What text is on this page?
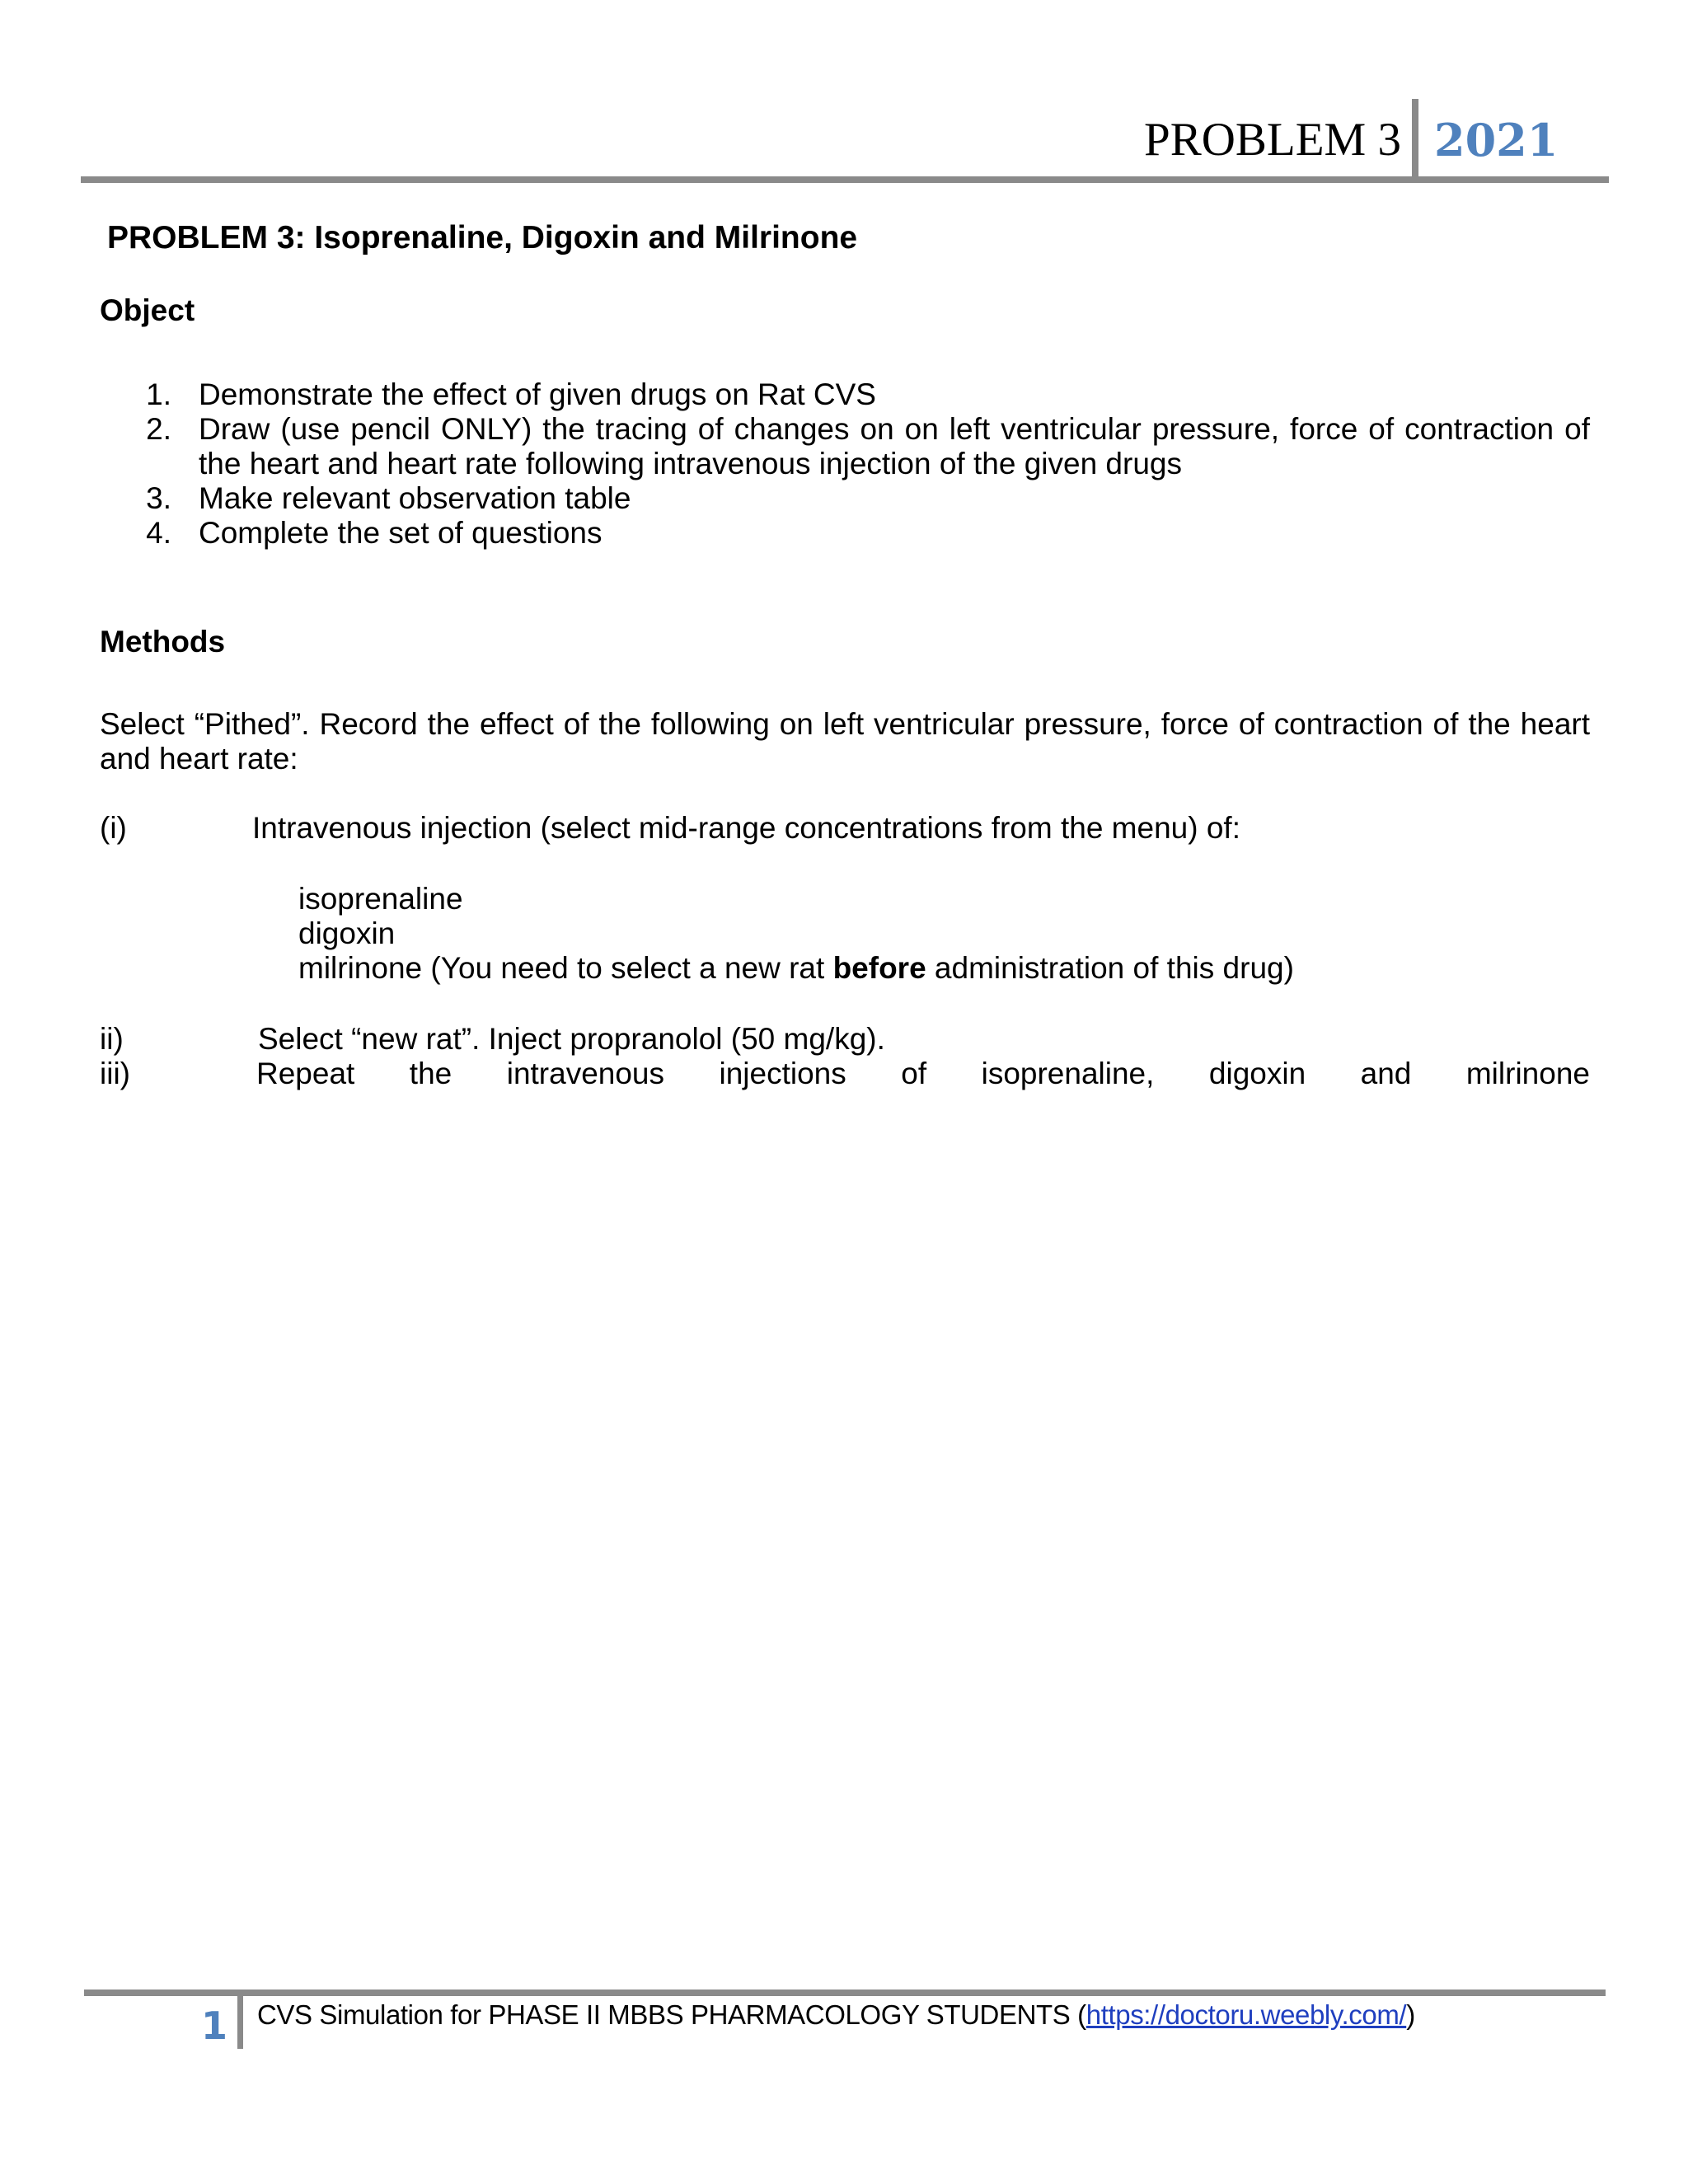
PROBLEM 3 2021
PROBLEM 3: Isoprenaline, Digoxin and Milrinone
Object
1. Demonstrate the effect of given drugs on Rat CVS
2. Draw (use pencil ONLY) the tracing of changes on on left ventricular pressure, force of contraction of
the heart and heart rate following intravenous injection of the given drugs
3. Make relevant observation table
4. Complete the set of questions
Methods
Select “Pithed”. Record the effect of the following on left ventricular pressure, force of contraction of the heart
and heart rate:
(i)	Intravenous injection (select mid-range concentrations from the menu) of:
isoprenaline
digoxin
milrinone (You need to select a new rat before administration of this drug)
ii)	Select “new rat”. Inject propranolol (50 mg/kg).
iii)	Repeat the intravenous injections of isoprenaline, digoxin and milrinone
1 CVS Simulation for PHASE II MBBS PHARMACOLOGY STUDENTS (https://doctoru.weebly.com/)
